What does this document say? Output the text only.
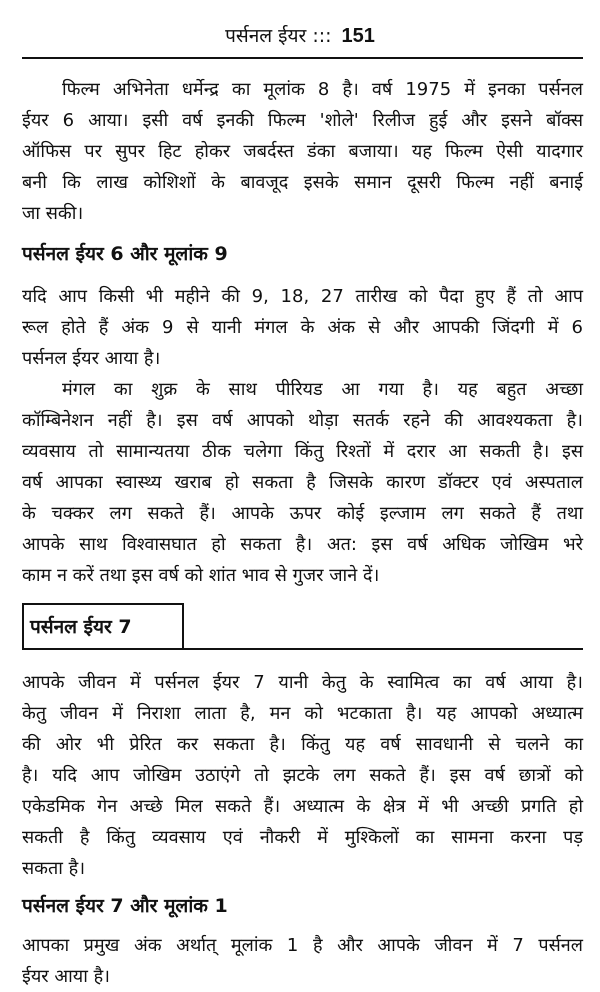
पर्सनल ईयर ::: 151
फिल्म अभिनेता धर्मेन्द्र का मूलांक 8 है। वर्ष 1975 में इनका पर्सनल
ईयर 6 आया। इसी वर्ष इनकी फिल्म 'शोले' रिलीज हुई और इसने बॉक्स
ऑफिस पर सुपर हिट होकर जबर्दस्त डंका बजाया। यह फिल्म ऐसी यादगार
बनी कि लाख कोशिशों के बावजूद इसके समान दूसरी फिल्म नहीं बनाई
जा सकी।
पर्सनल ईयर 6 और मूलांक 9
यदि आप किसी भी महीने की 9, 18, 27 तारीख को पैदा हुए हैं तो आप
रूल होते हैं अंक 9 से यानी मंगल के अंक से और आपकी जिंदगी में 6
पर्सनल ईयर आया है।
मंगल का शुक्र के साथ पीरियड आ गया है। यह बहुत अच्छा
कॉम्बिनेशन नहीं है। इस वर्ष आपको थोड़ा सतर्क रहने की आवश्यकता है।
व्यवसाय तो सामान्यतया ठीक चलेगा किंतु रिश्तों में दरार आ सकती है। इस
वर्ष आपका स्वास्थ्य खराब हो सकता है जिसके कारण डॉक्टर एवं अस्पताल
के चक्कर लग सकते हैं। आपके ऊपर कोई इल्जाम लग सकते हैं तथा
आपके साथ विश्वासघात हो सकता है। अत: इस वर्ष अधिक जोखिम भरे
काम न करें तथा इस वर्ष को शांत भाव से गुजर जाने दें।
पर्सनल ईयर 7
आपके जीवन में पर्सनल ईयर 7 यानी केतु के स्वामित्व का वर्ष आया है।
केतु जीवन में निराशा लाता है, मन को भटकाता है। यह आपको अध्यात्म
की ओर भी प्रेरित कर सकता है। किंतु यह वर्ष सावधानी से चलने का
है। यदि आप जोखिम उठाएंगे तो झटके लग सकते हैं। इस वर्ष छात्रों को
एकेडमिक गेन अच्छे मिल सकते हैं। अध्यात्म के क्षेत्र में भी अच्छी प्रगति हो
सकती है किंतु व्यवसाय एवं नौकरी में मुश्किलों का सामना करना पड़
सकता है।
पर्सनल ईयर 7 और मूलांक 1
आपका प्रमुख अंक अर्थात् मूलांक 1 है और आपके जीवन में 7 पर्सनल
ईयर आया है।
